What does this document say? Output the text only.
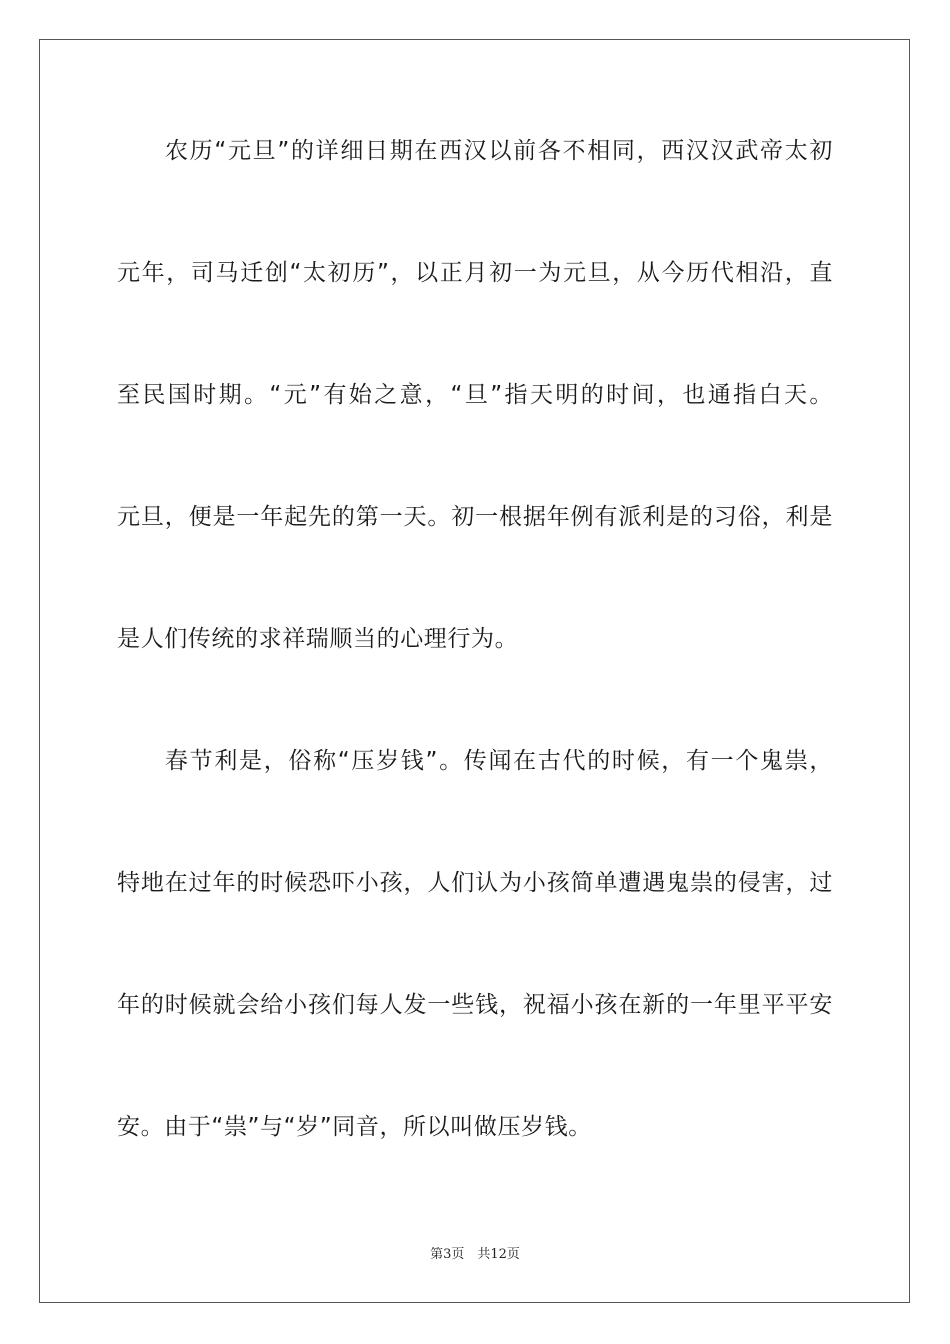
农历“元旦”的详细日期在西汉以前各不相同，西汉汉武帝太初
元年，司马迁创“太初历”，以正月初一为元旦，从今历代相沿，直
至民国时期。“元”有始之意，“旦”指天明的时间，也通指白天。
元旦，便是一年起先的第一天。初一根据年例有派利是的习俗，利是
是人们传统的求祥瑞顺当的心理行为。
春节利是，俗称“压岁钱”。传闻在古代的时候，有一个鬼祟，
特地在过年的时候恐吓小孩，人们认为小孩简单遭遇鬼祟的侵害，过
年的时候就会给小孩们每人发一些钱，祝福小孩在新的一年里平平安
安。由于“祟”与“岁”同音，所以叫做压岁钱。
第3页　共12页
